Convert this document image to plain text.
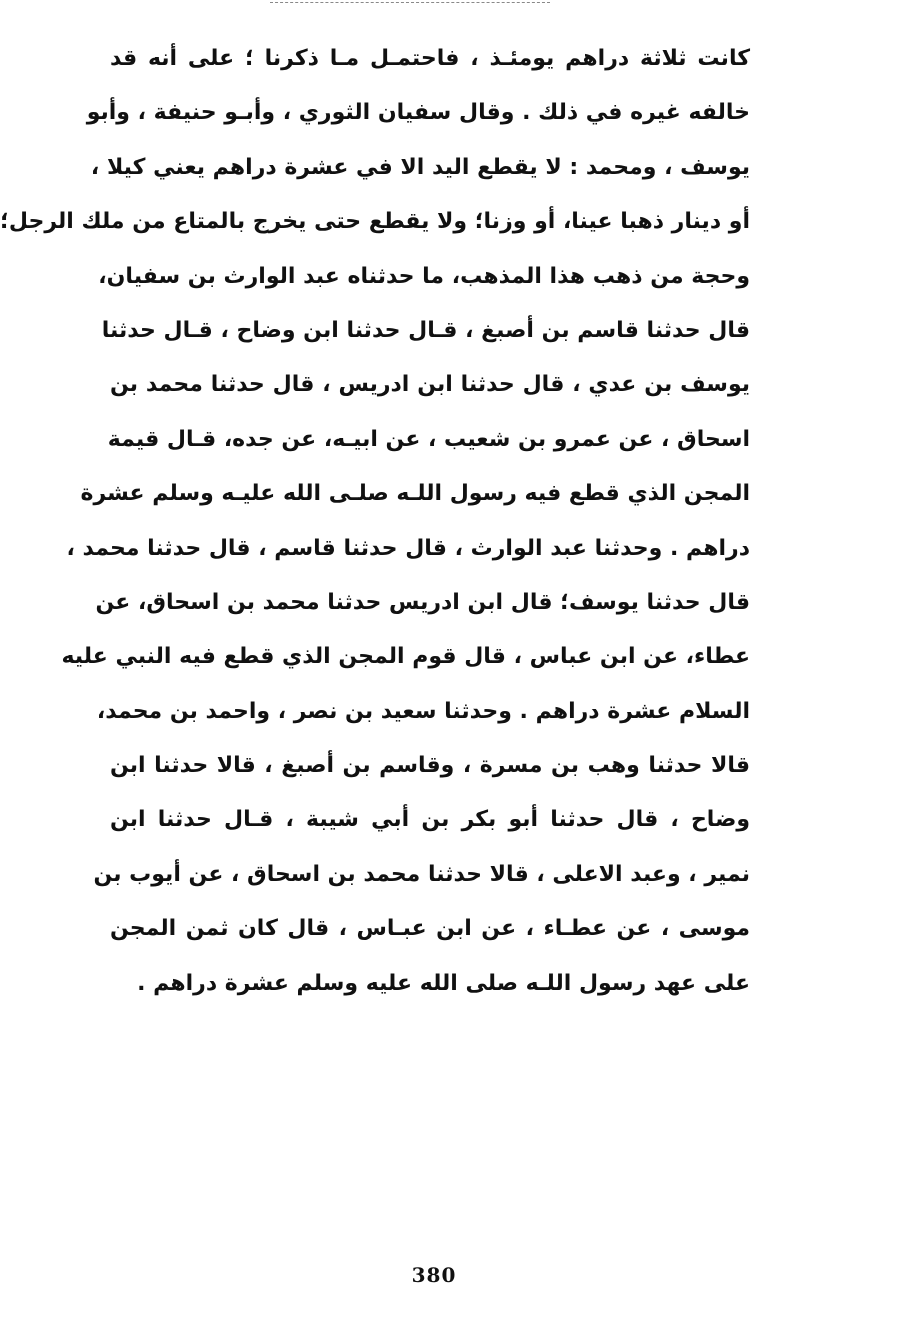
كانت ثلاثة دراهم يومئـذ ، فاحتمـل مـا ذكرنا ؛ على أنه قد
خالفه غيره في ذلك . وقال سفيان الثوري ، وأبـو حنيفة ، وأبو
يوسف ، ومحمد : لا يقطع اليد الا في عشرة دراهم يعني كيلا ،
أو دينار ذهبا عينا، أو وزنا؛ ولا يقطع حتى يخرج بالمتاع من ملك الرجل؛
وحجة من ذهب هذا المذهب، ما حدثناه عبد الوارث بن سفيان،
قال حدثنا قاسم بن أصبغ ، قـال حدثنا ابن وضاح ، قـال حدثنا
يوسف بن عدي ، قال حدثنا ابن ادريس ، قال حدثنا محمد بن
اسحاق ، عن عمرو بن شعيب ، عن ابيـه، عن جده، قـال قيمة
المجن الذي قطع فيه رسول اللـه صلـى الله عليـه وسلم عشرة
دراهم . وحدثنا عبد الوارث ، قال حدثنا قاسم ، قال حدثنا محمد ،
قال حدثنا يوسف؛ قال ابن ادريس حدثنا محمد بن اسحاق، عن
عطاء، عن ابن عباس ، قال قوم المجن الذي قطع فيه النبي عليه
السلام عشرة دراهم . وحدثنا سعيد بن نصر ، واحمد بن محمد،
قالا حدثنا وهب بن مسرة ، وقاسم بن أصبغ ، قالا حدثنا ابن
وضاح ، قال حدثنا أبو بكر بن أبي شيبة ، قـال حدثنا ابن
نمير ، وعبد الاعلى ، قالا حدثنا محمد بن اسحاق ، عن أيوب بن
موسى ، عن عطـاء ، عن ابن عبـاس ، قال كان ثمن المجن
على عهد رسول اللـه صلى الله عليه وسلم عشرة دراهم .
380
